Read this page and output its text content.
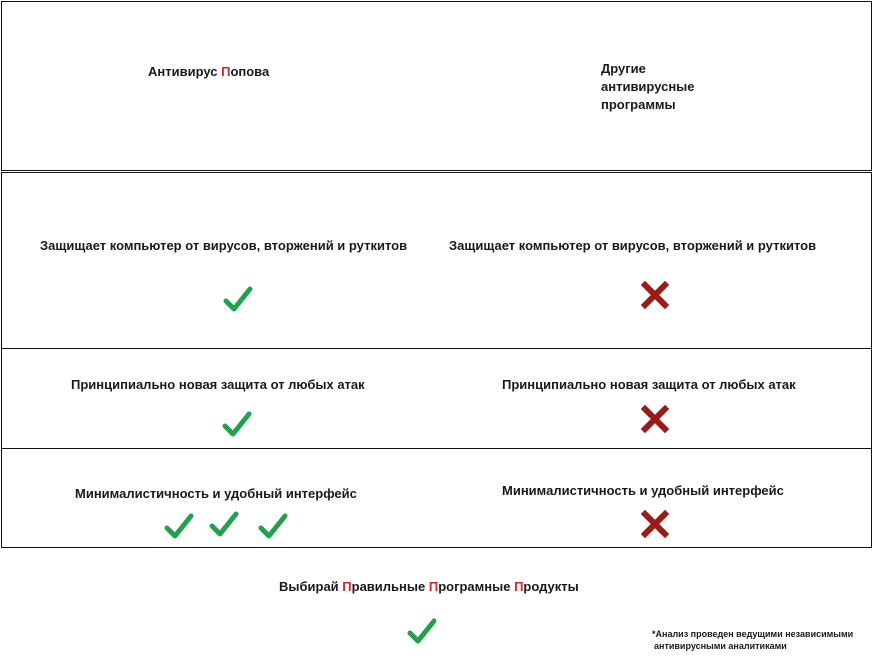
Антивирус Попова	Другие
антивирусные
программы
Защищает компьютер от вирусов, вторжений и руткитов	Защищает компьютер от вирусов, вторжений и руткитов
Принципиально новая защита от любых атак	Принципиально новая защита от любых атак
Минималистичность и удобный интерфейс	Минималистичность и удобный интерфейс
Выбирай Правильные Програмные Продукты
*Анализ проведен ведущими независимыми
антивирусными аналитиками
